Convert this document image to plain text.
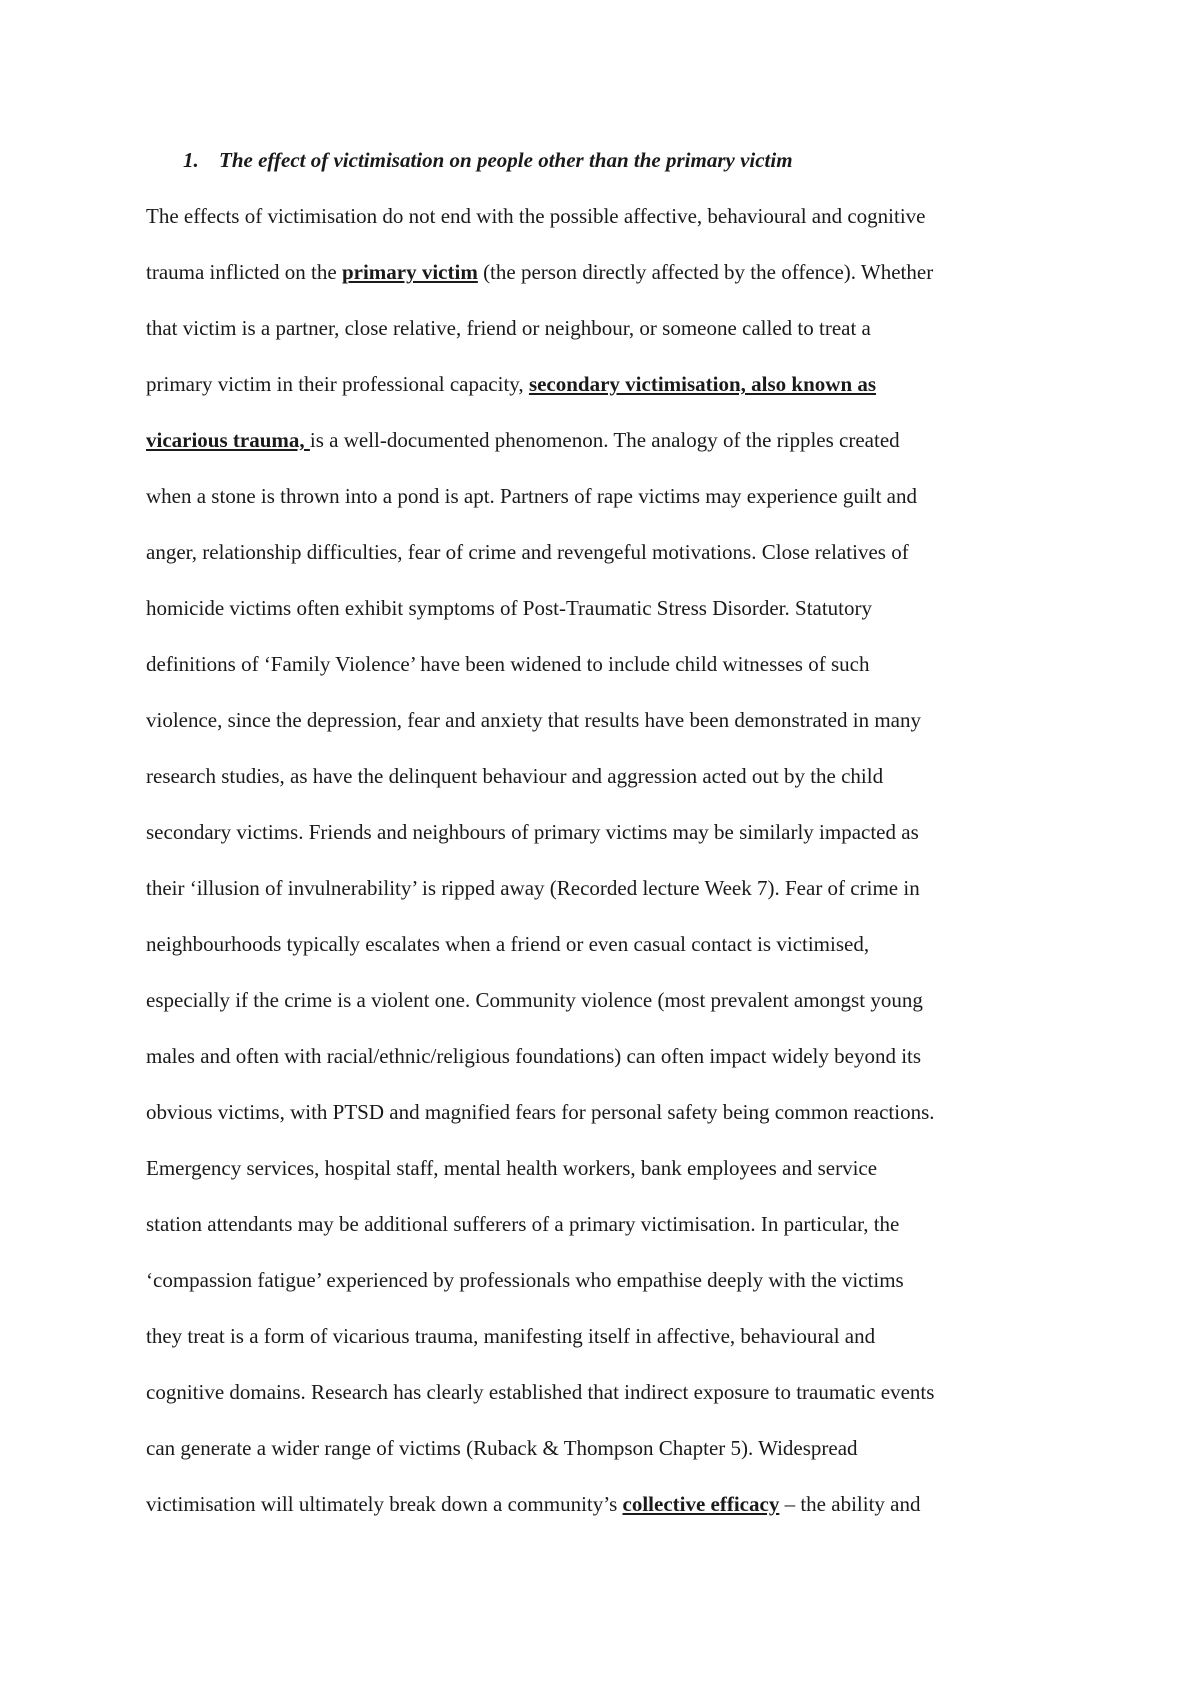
1. The effect of victimisation on people other than the primary victim
The effects of victimisation do not end with the possible affective, behavioural and cognitive
trauma inflicted on the primary victim (the person directly affected by the offence). Whether
that victim is a partner, close relative, friend or neighbour, or someone called to treat a
primary victim in their professional capacity, secondary victimisation, also known as
vicarious trauma, is a well-documented phenomenon. The analogy of the ripples created
when a stone is thrown into a pond is apt. Partners of rape victims may experience guilt and
anger, relationship difficulties, fear of crime and revengeful motivations. Close relatives of
homicide victims often exhibit symptoms of Post-Traumatic Stress Disorder. Statutory
definitions of ‘Family Violence’ have been widened to include child witnesses of such
violence, since the depression, fear and anxiety that results have been demonstrated in many
research studies, as have the delinquent behaviour and aggression acted out by the child
secondary victims. Friends and neighbours of primary victims may be similarly impacted as
their ‘illusion of invulnerability’ is ripped away (Recorded lecture Week 7). Fear of crime in
neighbourhoods typically escalates when a friend or even casual contact is victimised,
especially if the crime is a violent one. Community violence (most prevalent amongst young
males and often with racial/ethnic/religious foundations) can often impact widely beyond its
obvious victims, with PTSD and magnified fears for personal safety being common reactions.
Emergency services, hospital staff, mental health workers, bank employees and service
station attendants may be additional sufferers of a primary victimisation. In particular, the
‘compassion fatigue’ experienced by professionals who empathise deeply with the victims
they treat is a form of vicarious trauma, manifesting itself in affective, behavioural and
cognitive domains. Research has clearly established that indirect exposure to traumatic events
can generate a wider range of victims (Ruback & Thompson Chapter 5). Widespread
victimisation will ultimately break down a community’s collective efficacy – the ability and
